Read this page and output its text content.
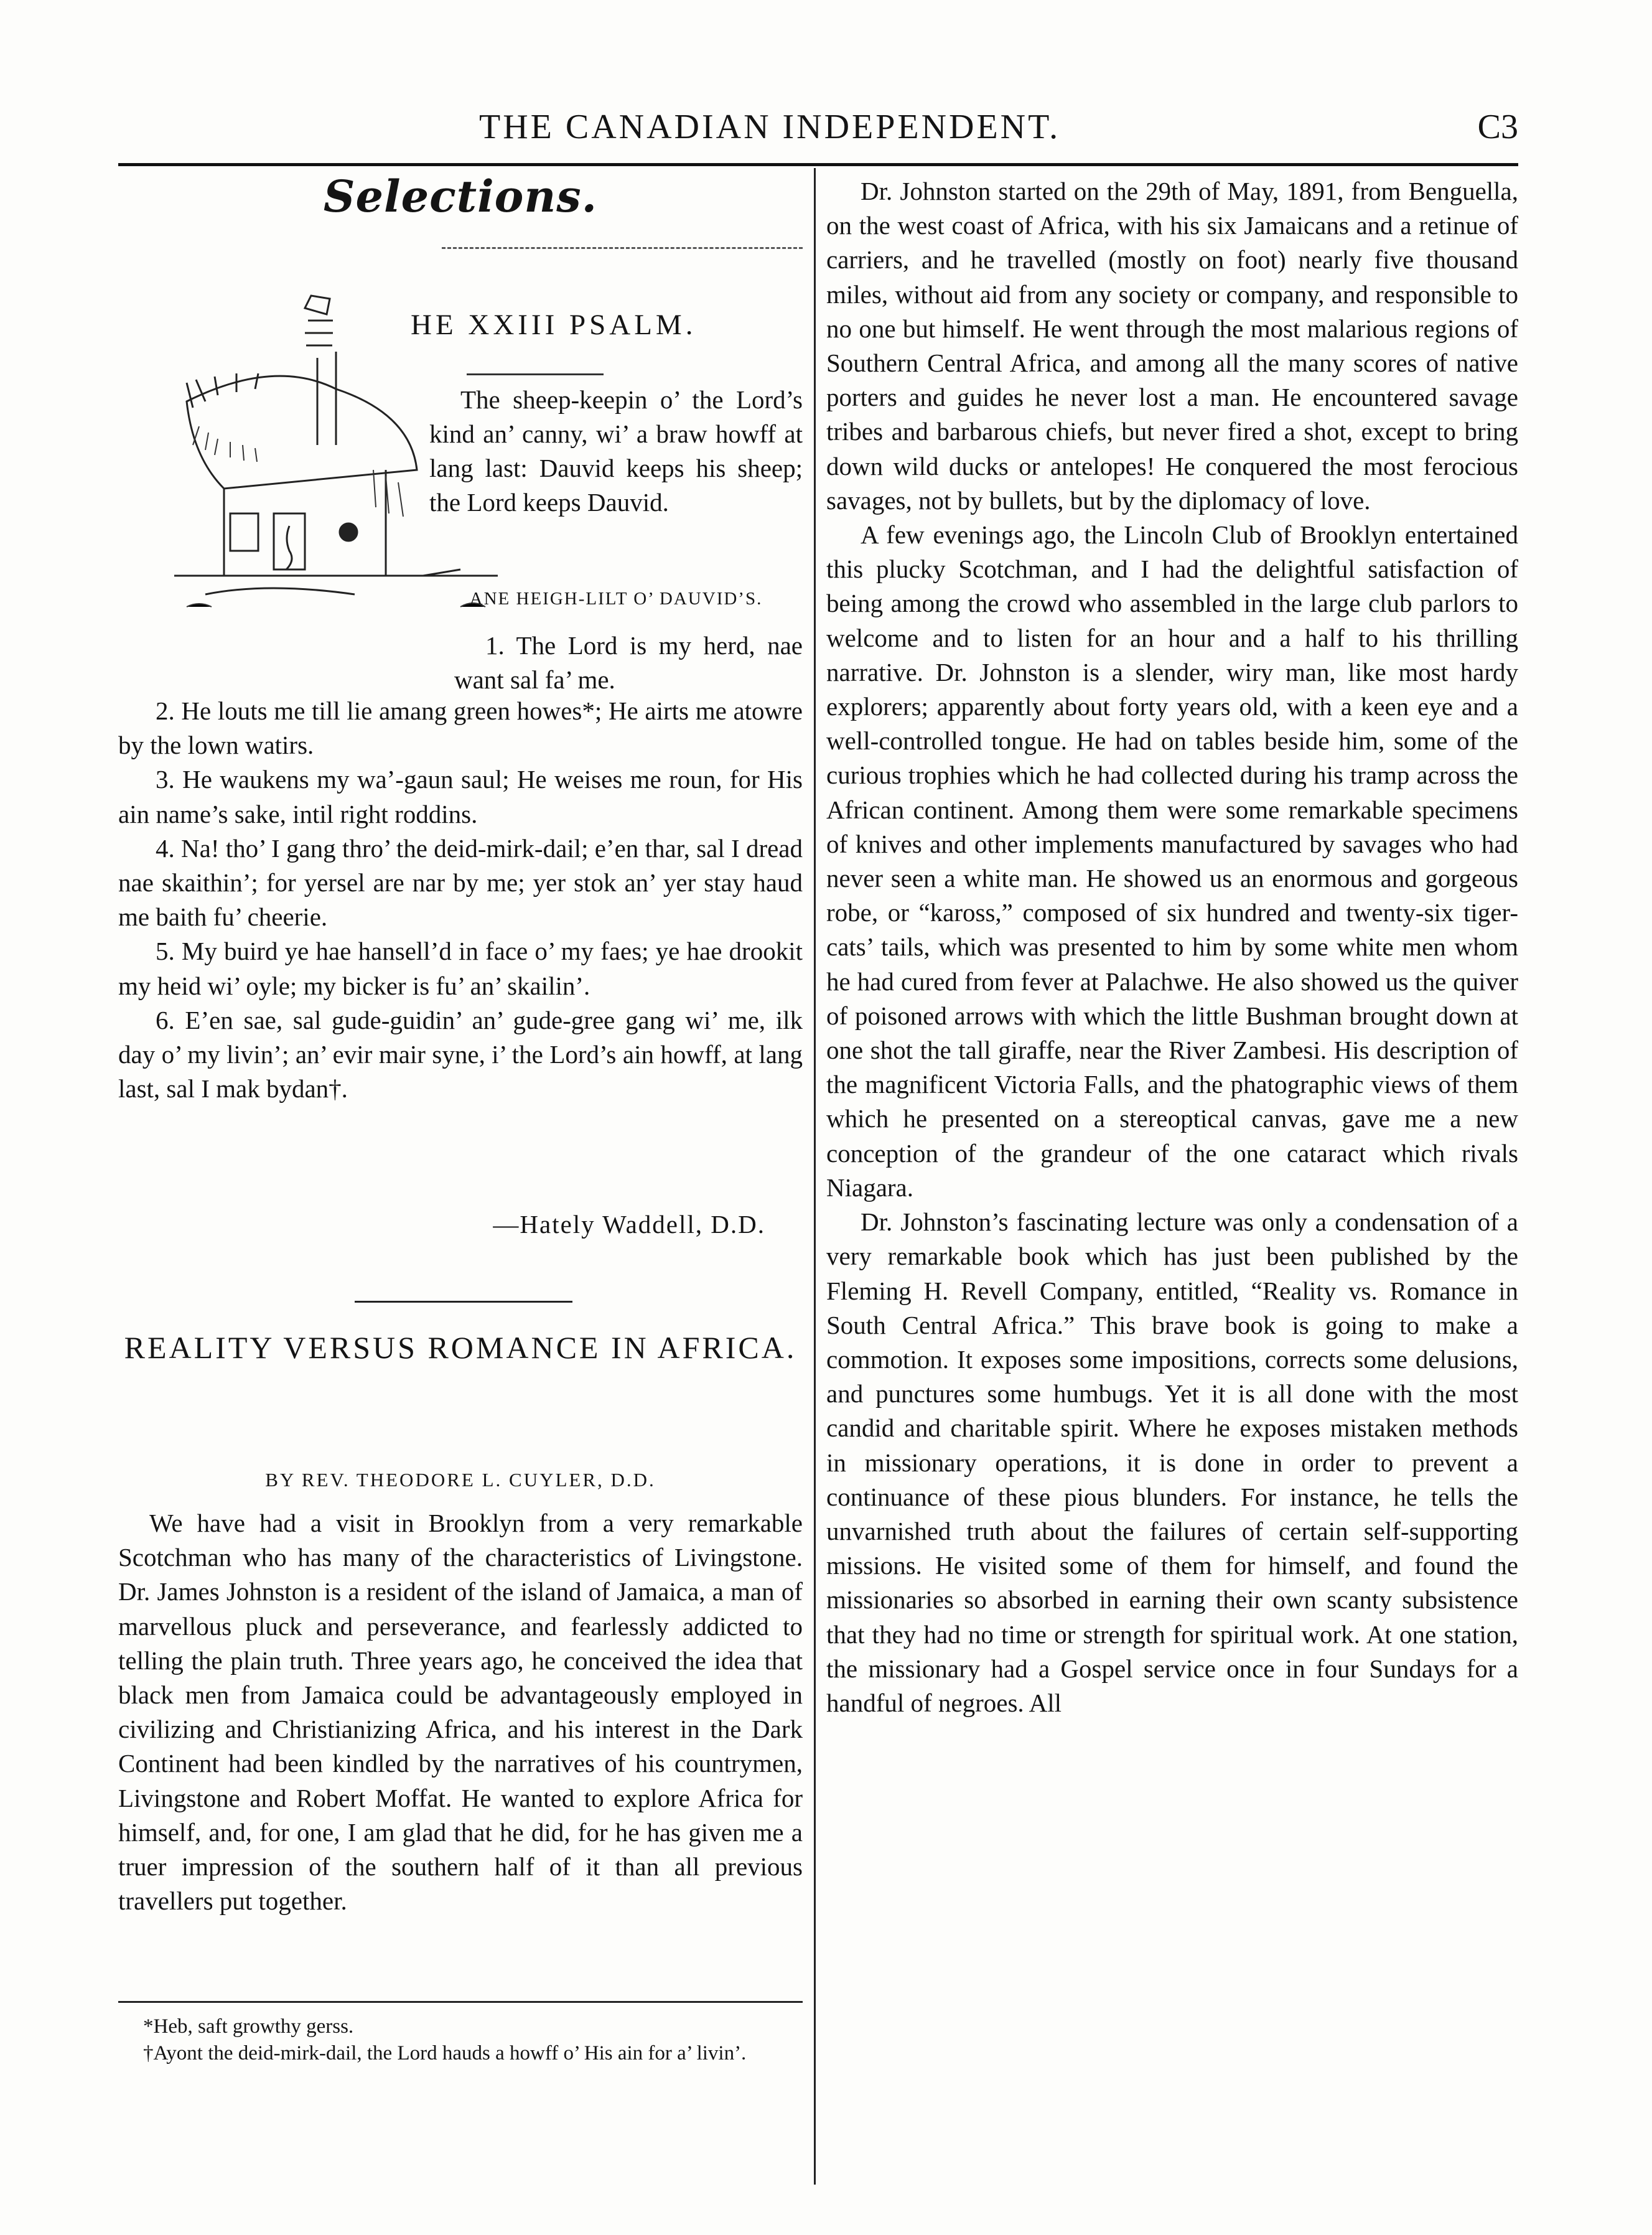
THE CANADIAN INDEPENDENT.	C3
Selections.
HE XXIII PSALM.
The sheep-keepin o’ the Lord’s kind an’ canny, wi’ a braw howff at lang last: Dauvid keeps his sheep; the Lord keeps Dauvid.
ANE HEIGH-LILT O’ DAUVID’S.
1. The Lord is my herd, nae want sal fa’ me.

2. He louts me till lie amang green howes*; He airts me atowre by the lown watirs.

3. He waukens my wa’-gaun saul; He weises me roun, for His ain name’s sake, intil right roddins.

4. Na! tho’ I gang thro’ the deid-mirk-dail; e’en thar, sal I dread nae skaithin’; for yersel are nar by me; yer stok an’ yer stay haud me baith fu’ cheerie.

5. My buird ye hae hansell’d in face o’ my faes; ye hae drookit my heid wi’ oyle; my bicker is fu’ an’ skailin’.

6. E’en sae, sal gude-guidin’ an’ gude-gree gang wi’ me, ilk day o’ my livin’; an’ evir mair syne, i’ the Lord’s ain howff, at lang last, sal I mak bydan†.

—Hately Waddell, D.D.
REALITY VERSUS ROMANCE IN AFRICA.
BY REV. THEODORE L. CUYLER, D.D.
We have had a visit in Brooklyn from a very remarkable Scotchman who has many of the characteristics of Livingstone. Dr. James Johnston is a resident of the island of Jamaica, a man of marvellous pluck and perseverance, and fearlessly addicted to telling the plain truth. Three years ago, he conceived the idea that black men from Jamaica could be advantageously employed in civilizing and Christianizing Africa, and his interest in the Dark Continent had been kindled by the narratives of his countrymen, Livingstone and Robert Moffat. He wanted to explore Africa for himself, and, for one, I am glad that he did, for he has given me a truer impression of the southern half of it than all previous travellers put together.

*Heb, saft growthy gerss.

†Ayont the deid-mirk-dail, the Lord hauds a howff o’ His ain for a’ livin’.

Dr. Johnston started on the 29th of May, 1891, from Benguella, on the west coast of Africa, with his six Jamaicans and a retinue of carriers, and he travelled (mostly on foot) nearly five thousand miles, without aid from any society or company, and responsible to no one but himself. He went through the most malarious regions of Southern Central Africa, and among all the many scores of native porters and guides he never lost a man. He encountered savage tribes and barbarous chiefs, but never fired a shot, except to bring down wild ducks or antelopes! He conquered the most ferocious savages, not by bullets, but by the diplomacy of love.

A few evenings ago, the Lincoln Club of Brooklyn entertained this plucky Scotchman, and I had the delightful satisfaction of being among the crowd who assembled in the large club parlors to welcome and to listen for an hour and a half to his thrilling narrative. Dr. Johnston is a slender, wiry man, like most hardy explorers; apparently about forty years old, with a keen eye and a well-controlled tongue. He had on tables beside him, some of the curious trophies which he had collected during his tramp across the African continent. Among them were some remarkable specimens of knives and other implements manufactured by savages who had never seen a white man. He showed us an enormous and gorgeous robe, or “kaross,” composed of six hundred and twenty-six tiger-cats’ tails, which was presented to him by some white men whom he had cured from fever at Palachwe. He also showed us the quiver of poisoned arrows with which the little Bushman brought down at one shot the tall giraffe, near the River Zambesi. His description of the magnificent Victoria Falls, and the phatographic views of them which he presented on a stereoptical canvas, gave me a new conception of the grandeur of the one cataract which rivals Niagara.

Dr. Johnston’s fascinating lecture was only a condensation of a very remarkable book which has just been published by the Fleming H. Revell Company, entitled, “Reality vs. Romance in South Central Africa.” This brave book is going to make a commotion. It exposes some impositions, corrects some delusions, and punctures some humbugs. Yet it is all done with the most candid and charitable spirit. Where he exposes mistaken methods in missionary operations, it is done in order to prevent a continuance of these pious blunders. For instance, he tells the unvarnished truth about the failures of certain self-supporting missions. He visited some of them for himself, and found the missionaries so absorbed in earning their own scanty subsistence that they had no time or strength for spiritual work. At one station, the missionary had a Gospel service once in four Sundays for a handful of negroes. All
